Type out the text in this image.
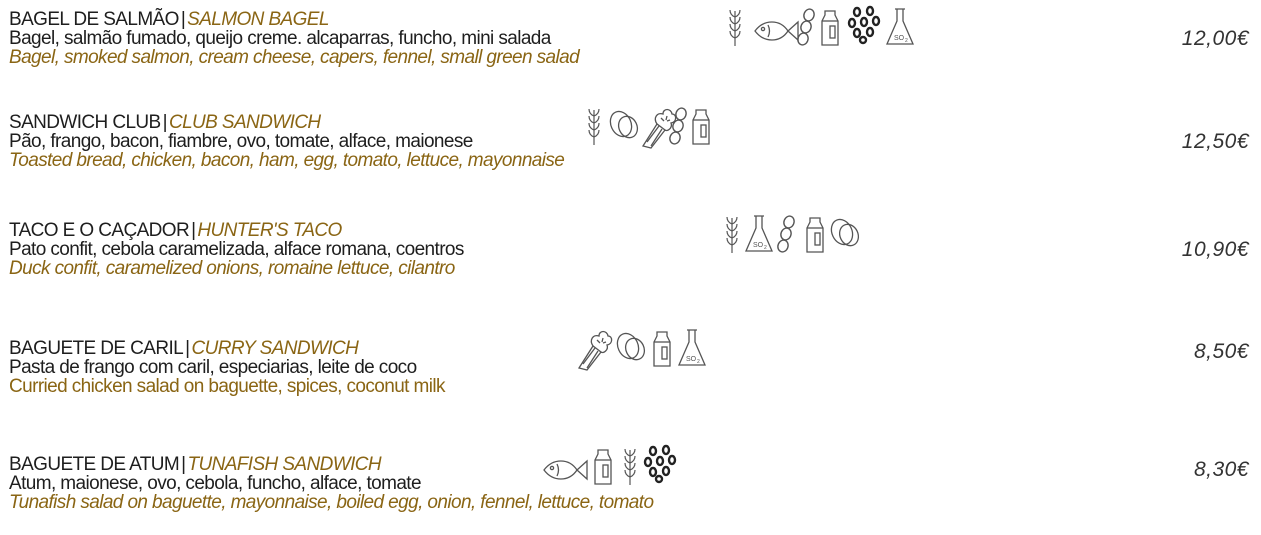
BAGEL DE SALMÃO | SALMON BAGEL
Bagel, salmão fumado, queijo creme. alcaparras, funcho, mini salada
Bagel, smoked salmon, cream cheese, capers, fennel, small green salad
12,00€
SO 2
SANDWICH CLUB | CLUB SANDWICH
Pão, frango, bacon, fiambre, ovo, tomate, alface, maionese
Toasted bread, chicken, bacon, ham, egg, tomato, lettuce, mayonnaise
12,50€
TACO E O CAÇADOR | HUNTER'S TACO
Pato confit, cebola caramelizada, alface romana, coentros
Duck confit, caramelized onions, romaine lettuce, cilantro
10,90€
SO 2
BAGUETE DE CARIL | CURRY SANDWICH
Pasta de frango com caril, especiarias, leite de coco
Curried chicken salad on baguette, spices, coconut milk
8,50€
SO 2
BAGUETE DE ATUM | TUNAFISH SANDWICH
Atum, maionese, ovo, cebola, funcho, alface, tomate
Tunafish salad on baguette, mayonnaise, boiled egg, onion, fennel, lettuce, tomato
8,30€
